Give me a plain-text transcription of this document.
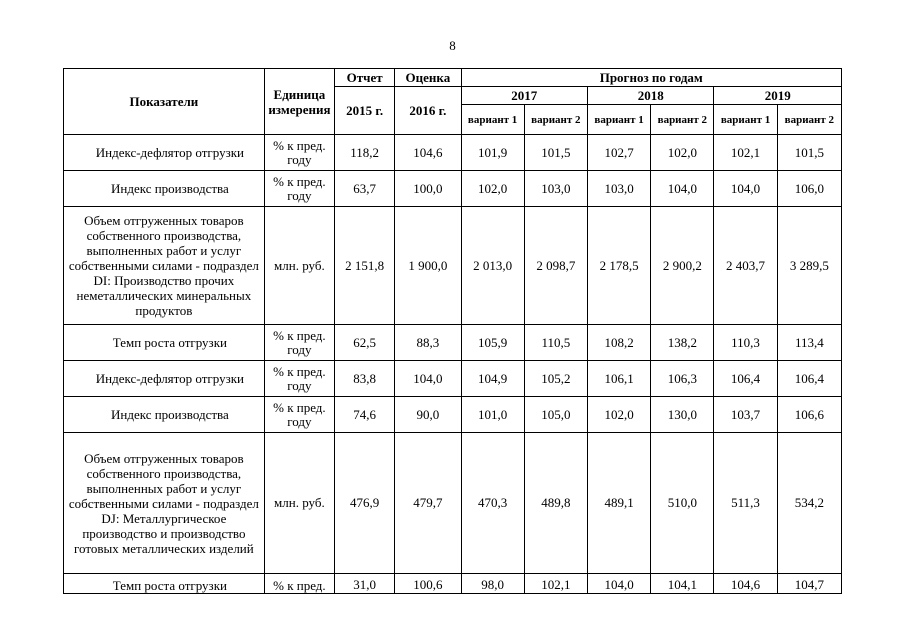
8
Показатели	Единица измерения	Отчет	Оценка	Прогноз по годам					
		2015 г.	2016 г.	2017		2018		2019	
				вариант 1	вариант 2	вариант 1	вариант 2	вариант 1	вариант 2
Индекс-дефлятор отгрузки	% к пред. году	118,2	104,6	101,9	101,5	102,7	102,0	102,1	101,5
Индекс производства	% к пред. году	63,7	100,0	102,0	103,0	103,0	104,0	104,0	106,0
Объем отгруженных товаров собственного производства, выполненных работ и услуг собственными силами - подраздел DI: Производство прочих неметаллических минеральных продуктов	млн. руб.	2 151,8	1 900,0	2 013,0	2 098,7	2 178,5	2 900,2	2 403,7	3 289,5
Темп роста отгрузки	% к пред. году	62,5	88,3	105,9	110,5	108,2	138,2	110,3	113,4
Индекс-дефлятор отгрузки	% к пред. году	83,8	104,0	104,9	105,2	106,1	106,3	106,4	106,4
Индекс производства	% к пред. году	74,6	90,0	101,0	105,0	102,0	130,0	103,7	106,6
Объем отгруженных товаров собственного производства, выполненных работ и услуг собственными силами - подраздел DJ: Металлургическое производство и производство готовых металлических изделий	млн. руб.	476,9	479,7	470,3	489,8	489,1	510,0	511,3	534,2
Темп роста отгрузки	% к пред.	31,0	100,6	98,0	102,1	104,0	104,1	104,6	104,7
